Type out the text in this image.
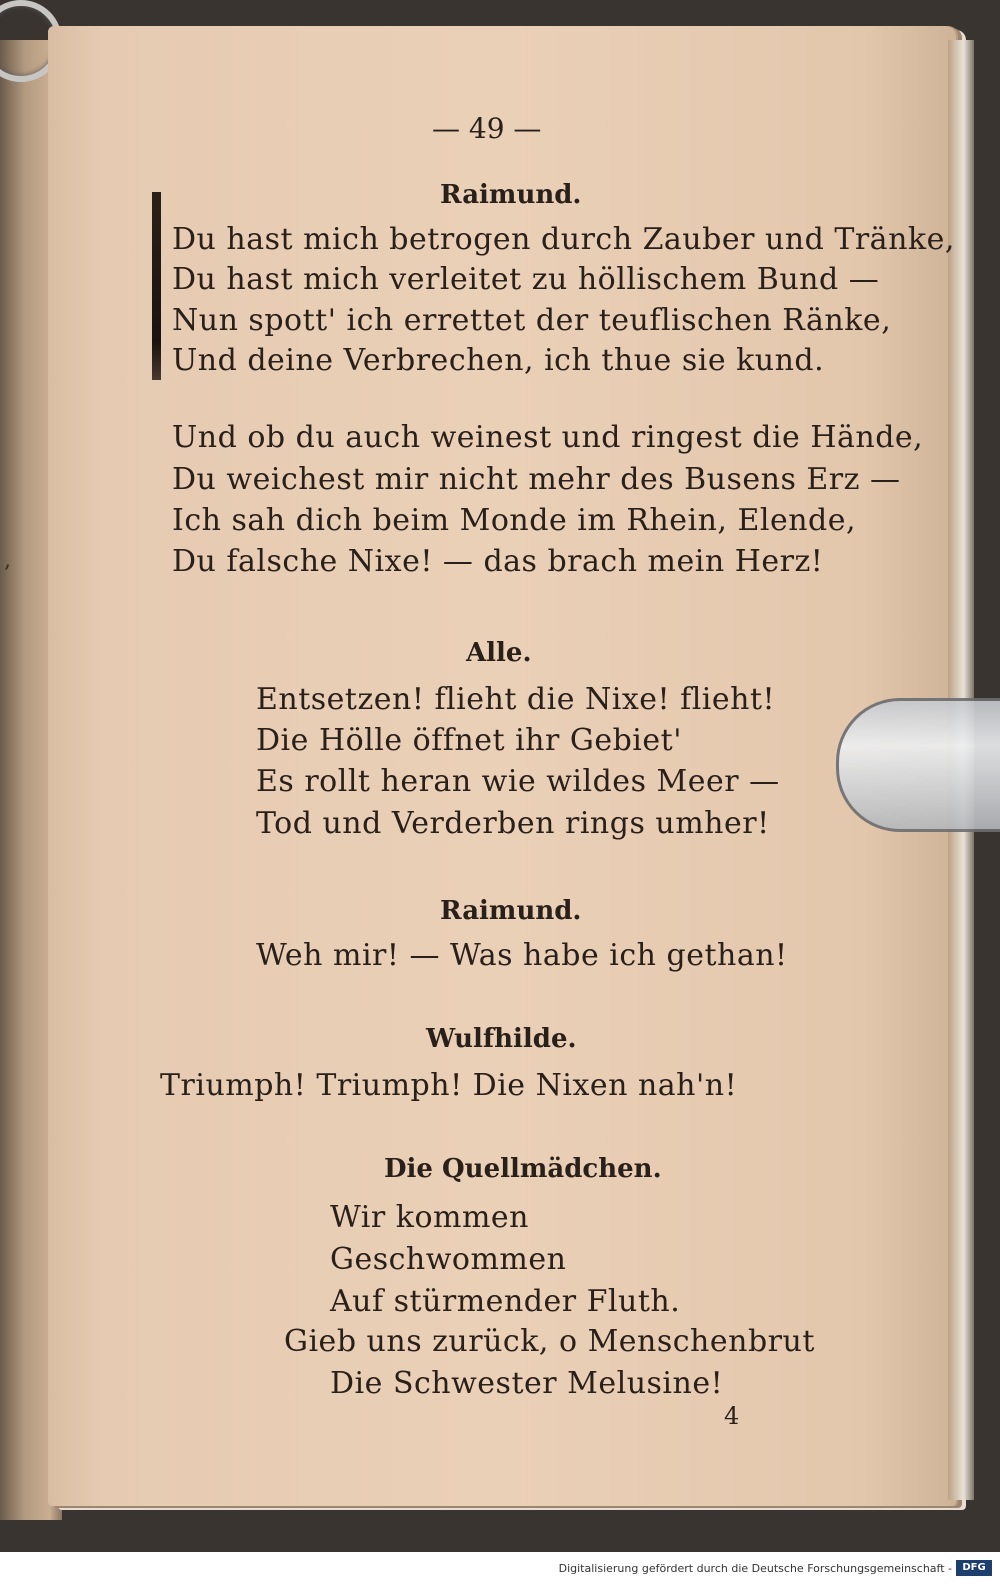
,
— 49 —
Raimund.
Du hast mich betrogen durch Zauber und Tränke,
Du hast mich verleitet zu höllischem Bund —
Nun spott' ich errettet der teuflischen Ränke,
Und deine Verbrechen, ich thue sie kund.
Und ob du auch weinest und ringest die Hände,
Du weichest mir nicht mehr des Busens Erz —
Ich sah dich beim Monde im Rhein, Elende,
Du falsche Nixe! — das brach mein Herz!
Alle.
Entsetzen! flieht die Nixe! flieht!
Die Hölle öffnet ihr Gebiet'
Es rollt heran wie wildes Meer —
Tod und Verderben rings umher!
Raimund.
Weh mir! — Was habe ich gethan!
Wulfhilde.
Triumph! Triumph! Die Nixen nah'n!
Die Quellmädchen.
Wir kommen
Geschwommen
Auf stürmender Fluth.
Gieb uns zurück, o Menschenbrut
Die Schwester Melusine!
4
Digitalisierung gefördert durch die Deutsche Forschungsgemeinschaft -	DFG
